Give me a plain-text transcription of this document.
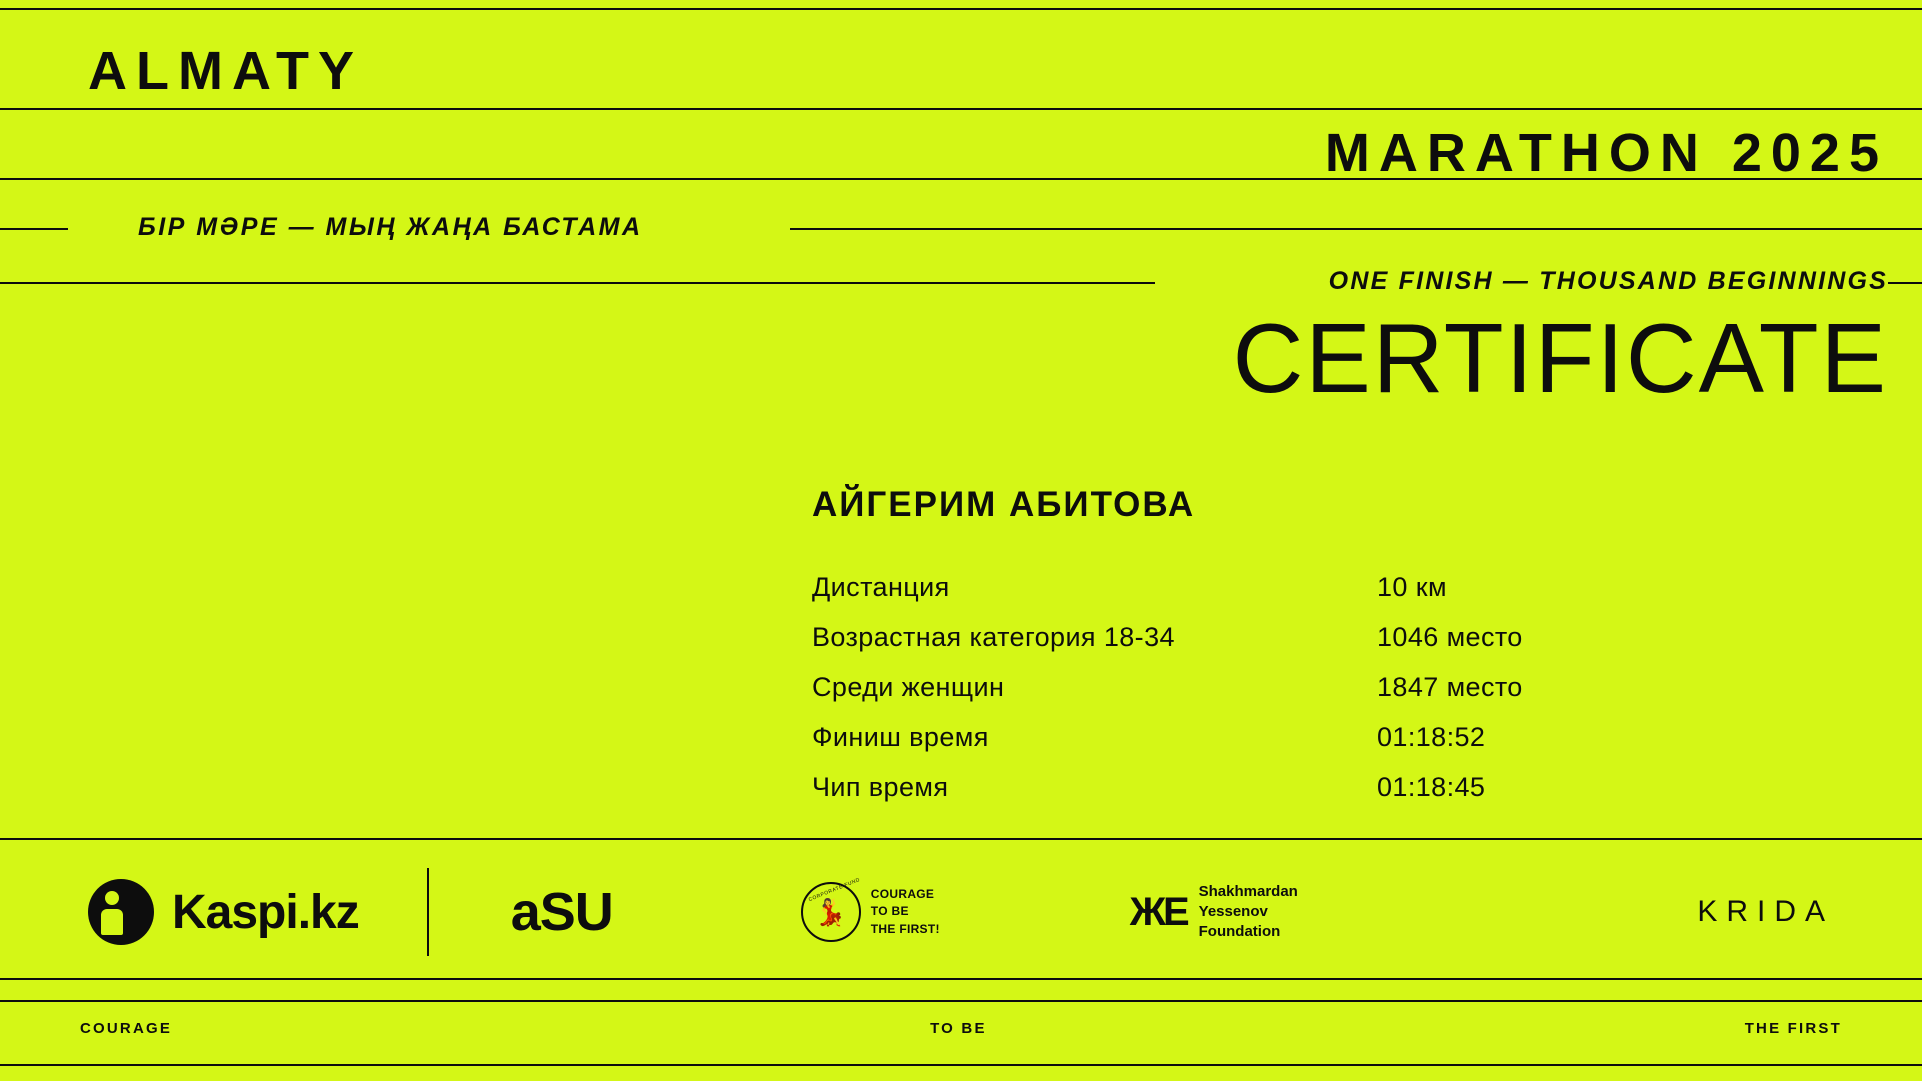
ALMATY
MARATHON 2025
БІР МӘРЕ — МЫҢ ЖАҢА БАСТАМА
ONE FINISH — THOUSAND BEGINNINGS
CERTIFICATE
АЙГЕРИМ АБИТОВА
Дистанция	10 км
Возрастная категория 18-34	1046 место
Среди женщин	1847 место
Финиш время	01:18:52
Чип время	01:18:45
Kaspi.kz	aSU	CORPORATE FUND
💃
COURAGE
TO BE
THE FIRST!	ЖЕ Shakhmardan
Yessenov
Foundation
KRIDA
COURAGE	TO BE	THE FIRST
